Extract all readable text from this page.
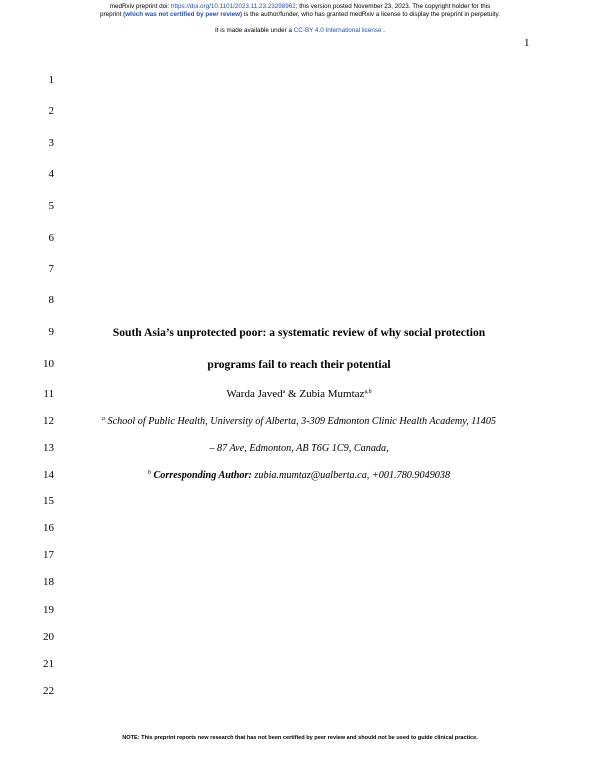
medRxiv preprint doi: https://doi.org/10.1101/2023.11.23.23298962; this version posted November 23, 2023. The copyright holder for this
preprint (which was not certified by peer review) is the author/funder, who has granted medRxiv a license to display the preprint in perpetuity.
It is made available under a CC-BY 4.0 International license .
1
1
2
3
4
5
6
7
8
9
10
11
12
13
14
15
16
17
18
19
20
21
22
South Asia’s unprotected poor: a systematic review of why social protection
programs fail to reach their potential
Warda Javed$^a$ & Zubia Mumtaz$^{a,b}$
$^a$ School of Public Health, University of Alberta, 3-309 Edmonton Clinic Health Academy, 11405
– 87 Ave, Edmonton, AB T6G 1C9, Canada,
$^b$ Corresponding Author: zubia.mumtaz@ualberta.ca, +001.780.9049038
NOTE: This preprint reports new research that has not been certified by peer review and should not be used to guide clinical practice.
